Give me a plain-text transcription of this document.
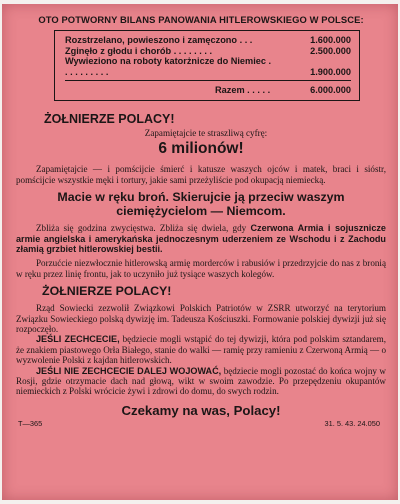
OTO POTWORNY BILANS PANOWANIA HITLEROWSKIEGO W POLSCE:
Rozstrzelano, powieszono i zamęczono . . .	1.600.000
Zginęło z głodu i chorób . . . . . . . .	2.500.000
Wywieziono na roboty katorżnicze do Niemiec . . . . . . . . . .	1.900.000
Razem . . . . .	6.000.000
ŻOŁNIERZE POLACY!

Zapamiętajcie te straszliwą cyfrę:

6 milionów!

Zapamiętajcie — i pomścijcie śmierć i katusze waszych ojców i matek, braci i sióstr, pomścijcie wszystkie męki i tortury, jakie sami przeżyliście pod okupacją niemiecką.

Macie w ręku broń. Skierujcie ją przeciw waszym ciemiężycielom — Niemcom.

Zbliża się godzina zwycięstwa. Zbliża się dwiela, gdy Czerwona Armia i sojusznicze armie angielska i amerykańska jednoczesnym uderzeniem ze Wschodu i z Zachodu złamią grzbiet hitlerowskiej bestii.

Porzućcie niezwłocznie hitlerowską armię morderców i rabusiów i przedrzyjcie do nas z bronią w ręku przez linię frontu, jak to uczyniło już tysiące waszych kolegów.

ŻOŁNIERZE POLACY!

Rząd Sowiecki zezwolił Związkowi Polskich Patriotów w ZSRR utworzyć na terytorium Związku Sowieckiego polską dywizję im. Tadeusza Kościuszki. Formowanie polskiej dywizji już się rozpoczęło.

JEŚLI ZECHCECIE, będziecie mogli wstąpić do tej dywizji, która pod polskim sztandarem, że znakiem piastowego Orła Białego, stanie do walki — ramię przy ramieniu z Czerwoną Armią — o wyzwolenie Polski z kajdan hitlerowskich.

JEŚLI NIE ZECHCECIE DALEJ WOJOWAĆ, będziecie mogli pozostać do końca wojny w Rosji, gdzie otrzymacie dach nad głową, wikt w swoim zawodzie. Po przepędzeniu okupantów niemieckich z Polski wrócicie żywi i zdrowi do domu, do swych rodzin.

Czekamy na was, Polacy!
T—365	31. 5. 43. 24.050
